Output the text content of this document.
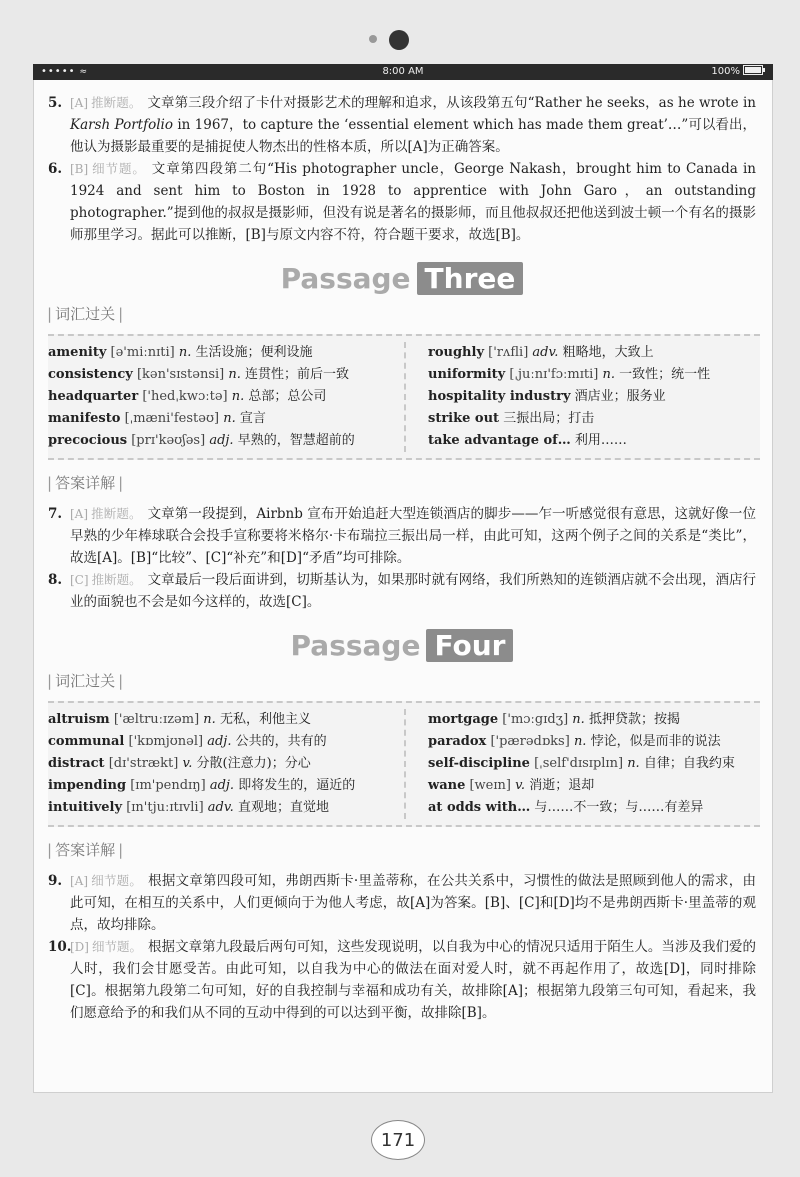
••••• ≈	8:00 AM	100%

5. [A] 推断题。 文章第三段介绍了卡什对摄影艺术的理解和追求，从该段第五句“Rather he seeks，as he wrote in Karsh Portfolio in 1967，to capture the ‘essential element which has made them great’…”可以看出，他认为摄影最重要的是捕捉使人物杰出的性格本质，所以[A]为正确答案。

6. [B] 细节题。 文章第四段第二句“His photographer uncle，George Nakash，brought him to Canada in 1924 and sent him to Boston in 1928 to apprentice with John Garo，an outstanding photographer.”提到他的叔叔是摄影师，但没有说是著名的摄影师，而且他叔叔还把他送到波士顿一个有名的摄影师那里学习。据此可以推断，[B]与原文内容不符，符合题干要求，故选[B]。

Passage Three
| 词汇过关 |
amenity [ə'miːnɪti] n. 生活设施；便利设施
consistency [kən'sɪstənsi] n. 连贯性；前后一致
headquarter ['hedˌkwɔːtə] n. 总部；总公司
manifesto [ˌmæni'festəʊ] n. 宣言
precocious [prɪ'kəʊʃəs] adj. 早熟的，智慧超前的
roughly ['rʌfli] adv. 粗略地，大致上
uniformity [ˌjuːnɪ'fɔːmɪti] n. 一致性；统一性
hospitality industry 酒店业；服务业
strike out 三振出局；打击
take advantage of… 利用……
| 答案详解 |

7. [A] 推断题。 文章第一段提到，Airbnb 宣布开始追赶大型连锁酒店的脚步——乍一听感觉很有意思，这就好像一位早熟的少年棒球联合会投手宣称要将米格尔·卡布瑞拉三振出局一样，由此可知，这两个例子之间的关系是“类比”，故选[A]。[B]“比较”、[C]“补充”和[D]“矛盾”均可排除。

8. [C] 推断题。 文章最后一段后面讲到，切斯基认为，如果那时就有网络，我们所熟知的连锁酒店就不会出现，酒店行业的面貌也不会是如今这样的，故选[C]。

Passage Four
| 词汇过关 |
altruism ['æltruːɪzəm] n. 无私，利他主义
communal ['kɒmjʊnəl] adj. 公共的，共有的
distract [dɪ'strækt] v. 分散(注意力)；分心
impending [ɪm'pendɪŋ] adj. 即将发生的，逼近的
intuitively [ɪn'tjuːɪtɪvli] adv. 直观地；直觉地
mortgage ['mɔːgɪdʒ] n. 抵押贷款；按揭
paradox ['pærədɒks] n. 悖论，似是而非的说法
self-discipline [ˌself'dɪsɪplɪn] n. 自律；自我约束
wane [weɪn] v. 消逝；退却
at odds with… 与……不一致；与……有差异
| 答案详解 |

9. [A] 细节题。 根据文章第四段可知，弗朗西斯卡·里盖蒂称，在公共关系中，习惯性的做法是照顾到他人的需求，由此可知，在相互的关系中，人们更倾向于为他人考虑，故[A]为答案。[B]、[C]和[D]均不是弗朗西斯卡·里盖蒂的观点，故均排除。

10.[D] 细节题。 根据文章第九段最后两句可知，这些发现说明，以自我为中心的情况只适用于陌生人。当涉及我们爱的人时，我们会甘愿受苦。由此可知，以自我为中心的做法在面对爱人时，就不再起作用了，故选[D]，同时排除[C]。根据第九段第二句可知，好的自我控制与幸福和成功有关，故排除[A]；根据第九段第三句可知，看起来，我们愿意给予的和我们从不同的互动中得到的可以达到平衡，故排除[B]。

171
